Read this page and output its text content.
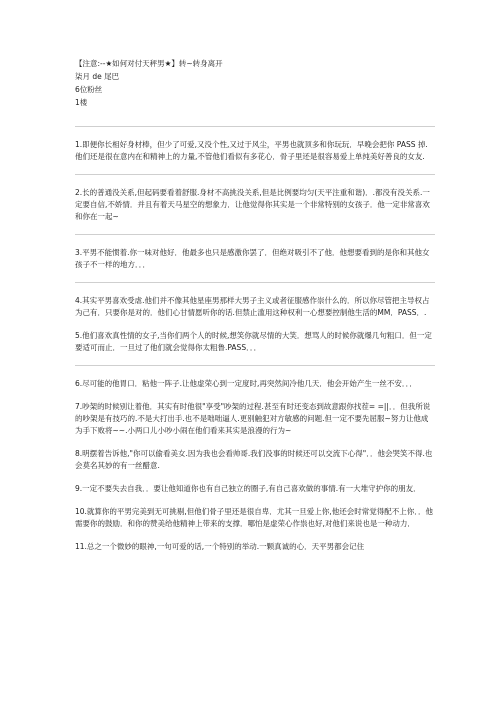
【注意:--★如何对付天秤男★】转~转身离开
柒月 de 尾巴
6位粉丝
1楼

1.即便你长相好身材棒，但少了可爱,又没个性,又过于风尘，平男也就顶多和你玩玩．早晚会把你 PASS 掉.他们还是很在意内在和精神上的力量,不管他们看似有多花心．骨子里还是很容易爱上单纯美好善良的女友.

2.长的普通没关系,但起码要看着舒服.身材不高挑没关系,但是比例要均匀(天平注重和谐)．.都没有没关系.一定要自信,不娇情．并且有着天马星空的想象力．让他觉得你其实是一个非常特别的女孩子．他一定非常喜欢和你在一起~

3.平男不能惯着.你一味对他好．他最多也只是感激你罢了．但绝对吸引不了他．他想要看到的是你和其他女孩子不一样的地方．．．

4.其实平男喜欢受虐.他们并不像其他星座男那样大男子主义或者征服感作崇什么的．所以你尽管把主导权占为己有．只要你是对的．他们心甘情愿听你的话.但禁止滥用这种权利一心想要控制他生活的MM．PASS．.

5.他们喜欢真性情的女子,当你们两个人的时候,想笑你就尽情的大笑．想骂人的时候你就爆几句粗口．但一定要适可而止．一旦过了他们就会觉得你太粗鲁.PASS．．．

6.尽可能的他胃口．粘他一阵子.让他虚荣心到一定度时,再突然间冷他几天．他会开始产生一丝不安．．．

7.吵架的时候别让着他．其实有时他很"享受"吵架的过程.甚至有时还变态到故意跟你找茬= =||．．但我所说的吵架是有技巧的.不是大打出手.也不是咄咄逼人.更别触犯对方敏感的问题.但一定不要先屈服~努力让他成为手下败将~~.小两口儿小吵小闹在他们看来其实是浪漫的行为~

8.明摆着告诉他,"你可以偷看美女.因为我也会看帅哥.我们没事的时候还可以交流下心得"．．他会哭笑不得.也会莫名其妙的有一丝醋意.

9.一定不要失去自我．．要让他知道你也有自己独立的圈子,有自己喜欢做的事情.有一大堆守护你的朋友．

10.就算你的平男完美到无可挑剔,但他们骨子里还是很自卑．尤其一旦爱上你,他还会时常觉得配不上你．．他需要你的鼓励．和你的赞美给他精神上带来的支撑．哪怕是虚荣心作祟也好,对他们来说也是一种动力．

11.总之一个微妙的眼神,一句可爱的话,一个特别的举动.一颗真诚的心．天平男都会记住
